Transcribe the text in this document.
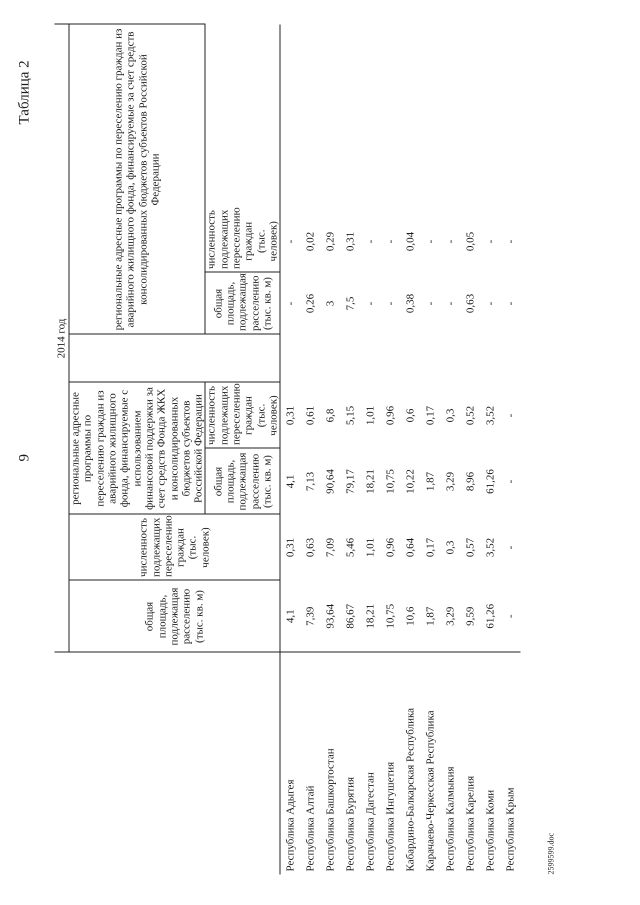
9
Таблица 2
	2014 год							
	общая площадь, подлежащая расселению (тыс. кв. м)	численность подлежащих переселению граждан (тыс. человек)	региональные адресные программы по переселению граждан из аварийного жилищного фонда, финансируемые с использованием финансовой поддержки за счет средств Фонда ЖКХ и консолидированных бюджетов субъектов Российской Федерации			региональные адресные программы по переселению граждан из аварийного жилищного фонда, финансируемые за счет средств консолидированных бюджетов субъектов Российской Федерации		
			общая площадь, подлежащая расселению (тыс. кв. м)	численность подлежащих переселению граждан (тыс. человек)		общая площадь, подлежащая расселению (тыс. кв. м)	численность подлежащих переселению граждан (тыс. человек)	
Республика Адыгея	4,1	0,31	4,1	0,31		-	-	
Республика Алтай	7,39	0,63	7,13	0,61		0,26	0,02	
Республика Башкортостан	93,64	7,09	90,64	6,8		3	0,29	
Республика Бурятия	86,67	5,46	79,17	5,15		7,5	0,31	
Республика Дагестан	18,21	1,01	18,21	1,01		-	-	
Республика Ингушетия	10,75	0,96	10,75	0,96		-	-	
Кабардино-Балкарская Республика	10,6	0,64	10,22	0,6		0,38	0,04	
Карачаево-Черкесская Республика	1,87	0,17	1,87	0,17		-	-	
Республика Калмыкия	3,29	0,3	3,29	0,3		-	-	
Республика Карелия	9,59	0,57	8,96	0,52		0,63	0,05	
Республика Коми	61,26	3,52	61,26	3,52		-	-	
Республика Крым	-	-	-	-		-	-	
2599599.doc
